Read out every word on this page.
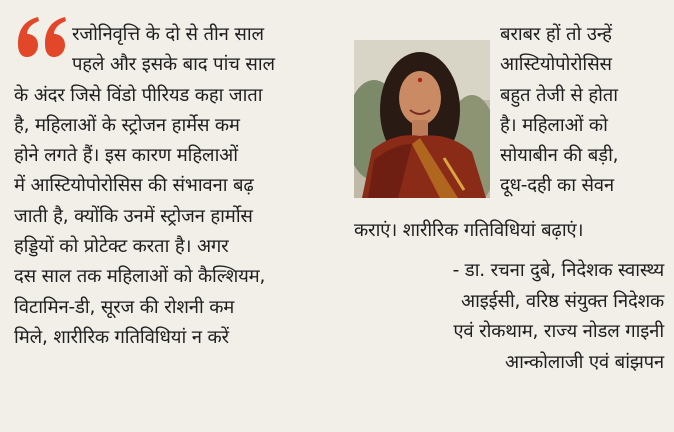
रजोनिवृत्ति के दो से तीन साल
पहले और इसके बाद पांच साल
के अंदर जिसे विंडो पीरियड कहा जाता
है, महिलाओं के स्ट्रोजन हार्मेस कम
होने लगते हैं। इस कारण महिलाओं
में आस्टियोपोरोसिस की संभावना बढ़
जाती है, क्योंकि उनमें स्ट्रोजन हार्मोस
हड्डियों को प्रोटेक्ट करता है। अगर
दस साल तक महिलाओं को कैल्शियम,
विटामिन-डी, सूरज की रोशनी कम
मिले, शारीरिक गतिविधियां न करें
बराबर हों तो उन्हें
आस्टियोपोरोसिस
बहुत तेजी से होता
है। महिलाओं को
सोयाबीन की बड़ी,
दूध-दही का सेवन
कराएं। शारीरिक गतिविधियां बढ़ाएं।
- डा. रचना दुबे, निदेशक स्वास्थ्य
आइईसी, वरिष्ठ संयुक्त निदेशक
एवं रोकथाम, राज्य नोडल गाइनी
आन्कोलाजी एवं बांझपन
